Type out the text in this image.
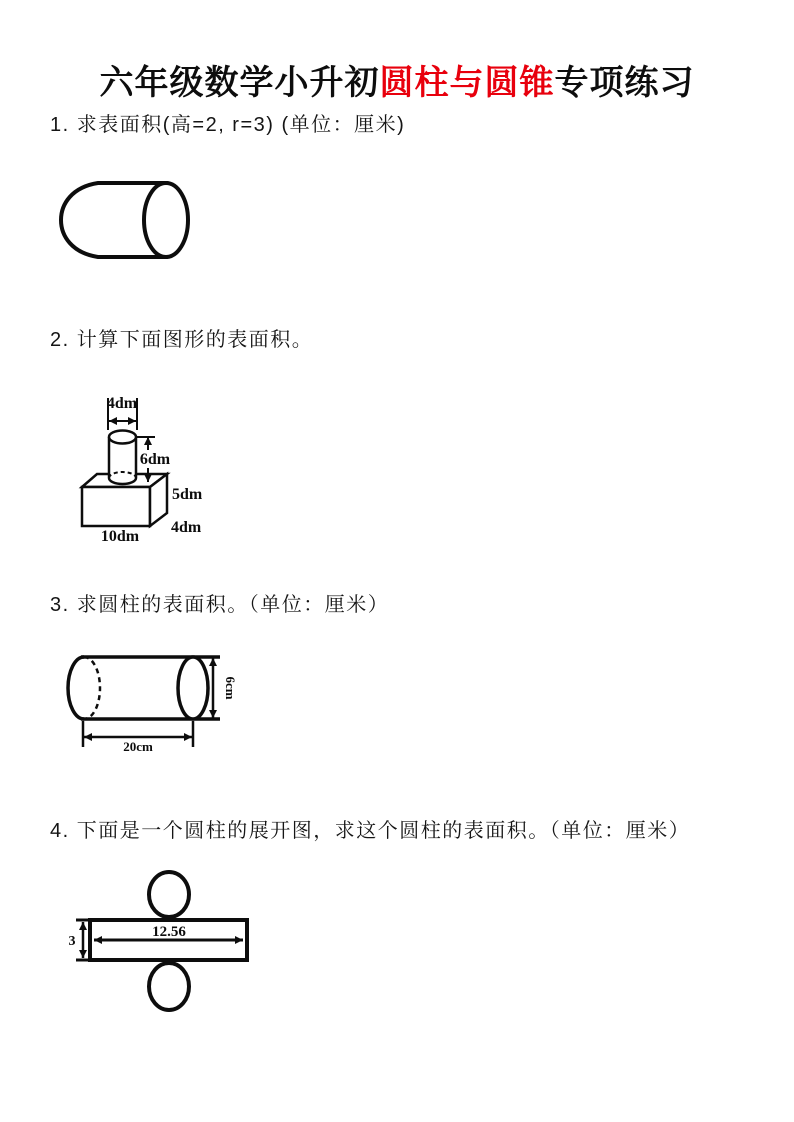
六年级数学小升初圆柱与圆锥专项练习

1. 求表面积(高=2, r=3) (单位：厘米)

2. 计算下面图形的表面积。

4dm
6dm
5dm
4dm
10dm

3. 求圆柱的表面积。（单位：厘米）

6cm
20cm

4. 下面是一个圆柱的展开图，求这个圆柱的表面积。（单位：厘米）

3
12.56
